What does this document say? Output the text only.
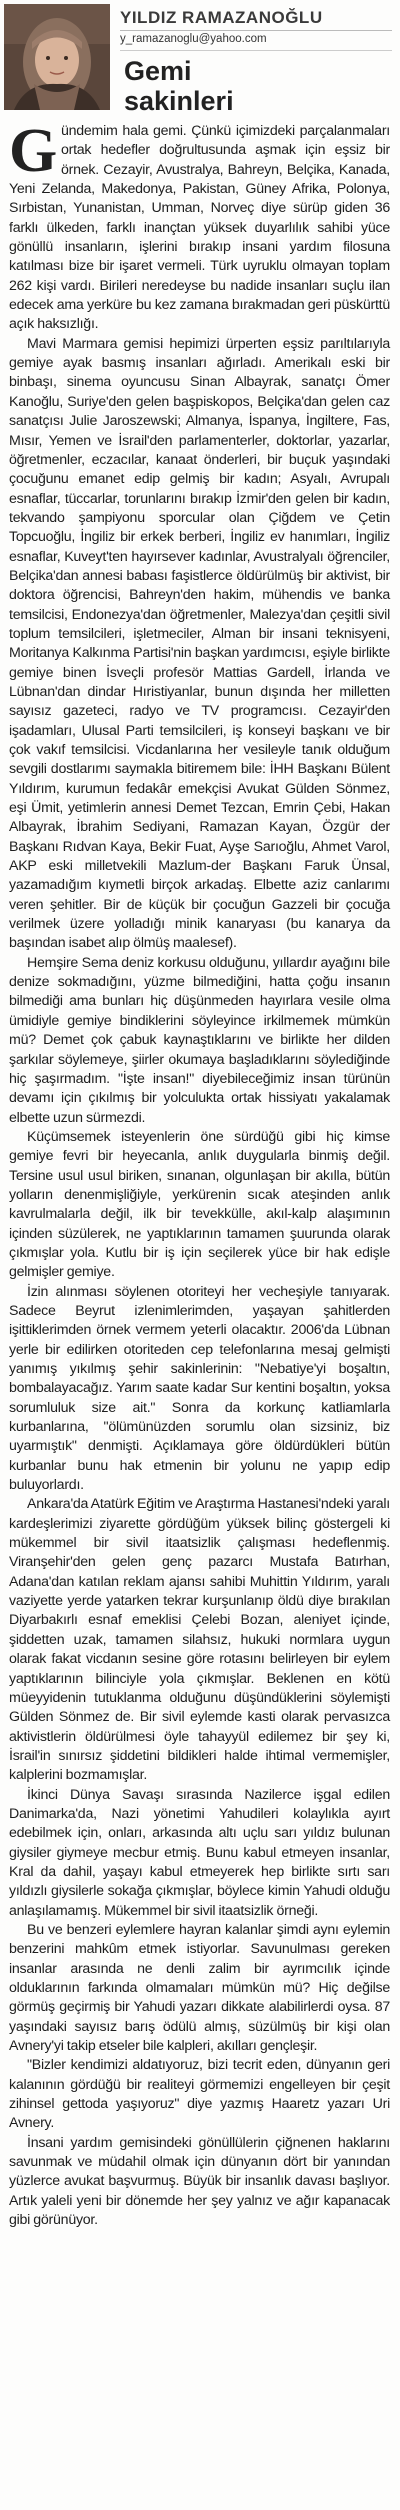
YILDIZ RAMAZANOĞLU
y_ramazanoglu@yahoo.com
Gemi
sakinleri

Gündemim hala gemi. Çünkü içimizdeki parçalanmaları ortak hedefler doğrultusunda aşmak için eşsiz bir örnek. Cezayir, Avustralya, Bahreyn, Belçika, Kanada, Yeni Zelanda, Makedonya, Pakistan, Güney Afrika, Polonya, Sırbistan, Yunanistan, Umman, Norveç diye sürüp giden 36 farklı ülkeden, farklı inançtan yüksek duyarlılık sahibi yüce gönüllü insanların, işlerini bırakıp insani yardım filosuna katılması bize bir işaret vermeli. Türk uyruklu olmayan toplam 262 kişi vardı. Birileri neredeyse bu nadide insanları suçlu ilan edecek ama yerküre bu kez zamana bırakmadan geri püskürttü açık haksızlığı.

Mavi Marmara gemisi hepimizi ürperten eşsiz parıltılarıyla gemiye ayak basmış insanları ağırladı. Amerikalı eski bir binbaşı, sinema oyuncusu Sinan Albayrak, sanatçı Ömer Kanoğlu, Suriye'den gelen başpiskopos, Belçika'dan gelen caz sanatçısı Julie Jaroszewski; Almanya, İspanya, İngiltere, Fas, Mısır, Yemen ve İsrail'den parlamenterler, doktorlar, yazarlar, öğretmenler, eczacılar, kanaat önderleri, bir buçuk yaşındaki çocuğunu emanet edip gelmiş bir kadın; Asyalı, Avrupalı esnaflar, tüccarlar, torunlarını bırakıp İzmir'den gelen bir kadın, tekvando şampiyonu sporcular olan Çiğdem ve Çetin Topcuoğlu, İngiliz bir erkek berberi, İngiliz ev hanımları, İngiliz esnaflar, Kuveyt'ten hayırsever kadınlar, Avustralyalı öğrenciler, Belçika'dan annesi babası faşistlerce öldürülmüş bir aktivist, bir doktora öğrencisi, Bahreyn'den hakim, mühendis ve banka temsilcisi, Endonezya'dan öğretmenler, Malezya'dan çeşitli sivil toplum temsilcileri, işletmeciler, Alman bir insani teknisyeni, Moritanya Kalkınma Partisi'nin başkan yardımcısı, eşiyle birlikte gemiye binen İsveçli profesör Mattias Gardell, İrlanda ve Lübnan'dan dindar Hıristiyanlar, bunun dışında her milletten sayısız gazeteci, radyo ve TV programcısı. Cezayir'den işadamları, Ulusal Parti temsilcileri, iş konseyi başkanı ve bir çok vakıf temsilcisi. Vicdanlarına her vesileyle tanık olduğum sevgili dostlarımı saymakla bitiremem bile: İHH Başkanı Bülent Yıldırım, kurumun fedakâr emekçisi Avukat Gülden Sönmez, eşi Ümit, yetimlerin annesi Demet Tezcan, Emrin Çebi, Hakan Albayrak, İbrahim Sediyani, Ramazan Kayan, Özgür der Başkanı Rıdvan Kaya, Bekir Fuat, Ayşe Sarıoğlu, Ahmet Varol, AKP eski milletvekili Mazlum-der Başkanı Faruk Ünsal, yazamadığım kıymetli birçok arkadaş. Elbette aziz canlarımı veren şehitler. Bir de küçük bir çocuğun Gazzeli bir çocuğa verilmek üzere yolladığı minik kanaryası (bu kanarya da başından isabet alıp ölmüş maalesef).

Hemşire Sema deniz korkusu olduğunu, yıllardır ayağını bile denize sokmadığını, yüzme bilmediğini, hatta çoğu insanın bilmediği ama bunları hiç düşünmeden hayırlara vesile olma ümidiyle gemiye bindiklerini söyleyince irkilmemek mümkün mü? Demet çok çabuk kaynaştıklarını ve birlikte her dilden şarkılar söylemeye, şiirler okumaya başladıklarını söylediğinde hiç şaşırmadım. "İşte insan!" diyebileceğimiz insan türünün devamı için çıkılmış bir yolculukta ortak hissiyatı yakalamak elbette uzun sürmezdi.

Küçümsemek isteyenlerin öne sürdüğü gibi hiç kimse gemiye fevri bir heyecanla, anlık duygularla binmiş değil. Tersine usul usul biriken, sınanan, olgunlaşan bir akılla, bütün yolların denenmişliğiyle, yerkürenin sıcak ateşinden anlık kavrulmalarla değil, ilk bir tevekkülle, akıl-kalp alaşımının içinden süzülerek, ne yaptıklarının tamamen şuurunda olarak çıkmışlar yola. Kutlu bir iş için seçilerek yüce bir hak edişle gelmişler gemiye.

İzin alınması söylenen otoriteyi her vecheşiyle tanıyarak. Sadece Beyrut izlenimlerimden, yaşayan şahitlerden işittiklerimden örnek vermem yeterli olacaktır. 2006'da Lübnan yerle bir edilirken otoriteden cep telefonlarına mesaj gelmişti yanımış yıkılmış şehir sakinlerinin: "Nebatiye'yi boşaltın, bombalayacağız. Yarım saate kadar Sur kentini boşaltın, yoksa sorumluluk size ait." Sonra da korkunç katliamlarla kurbanlarına, "ölümünüzden sorumlu olan sizsiniz, biz uyarmıştık" denmişti. Açıklamaya göre öldürdükleri bütün kurbanlar bunu hak etmenin bir yolunu ne yapıp edip buluyorlardı.

Ankara'da Atatürk Eğitim ve Araştırma Hastanesi'ndeki yaralı kardeşlerimizi ziyarette gördüğüm yüksek bilinç göstergeli ki mükemmel bir sivil itaatsizlik çalışması hedeflenmiş. Viranşehir'den gelen genç pazarcı Mustafa Batırhan, Adana'dan katılan reklam ajansı sahibi Muhittin Yıldırım, yaralı vaziyette yerde yatarken tekrar kurşunlanıp öldü diye bırakılan Diyarbakırlı esnaf emeklisi Çelebi Bozan, aleniyet içinde, şiddetten uzak, tamamen silahsız, hukuki normlara uygun olarak fakat vicdanın sesine göre rotasını belirleyen bir eylem yaptıklarının bilinciyle yola çıkmışlar. Beklenen en kötü müeyyidenin tutuklanma olduğunu düşündüklerini söylemişti Gülden Sönmez de. Bir sivil eylemde kasti olarak pervasızca aktivistlerin öldürülmesi öyle tahayyül edilemez bir şey ki, İsrail'in sınırsız şiddetini bildikleri halde ihtimal vermemişler, kalplerini bozmamışlar.

İkinci Dünya Savaşı sırasında Nazilerce işgal edilen Danimarka'da, Nazi yönetimi Yahudileri kolaylıkla ayırt edebilmek için, onları, arkasında altı uçlu sarı yıldız bulunan giysiler giymeye mecbur etmiş. Bunu kabul etmeyen insanlar, Kral da dahil, yaşayı kabul etmeyerek hep birlikte sırtı sarı yıldızlı giysilerle sokağa çıkmışlar, böylece kimin Yahudi olduğu anlaşılamamış. Mükemmel bir sivil itaatsizlik örneği.

Bu ve benzeri eylemlere hayran kalanlar şimdi aynı eylemin benzerini mahkûm etmek istiyorlar. Savunulması gereken insanlar arasında ne denli zalim bir ayrımcılık içinde olduklarının farkında olmamaları mümkün mü? Hiç değilse görmüş geçirmiş bir Yahudi yazarı dikkate alabilirlerdi oysa. 87 yaşındaki sayısız barış ödülü almış, süzülmüş bir kişi olan Avnery'yi takip etseler bile kalpleri, akılları gençleşir.

"Bizler kendimizi aldatıyoruz, bizi tecrit eden, dünyanın geri kalanının gördüğü bir realiteyi görmemizi engelleyen bir çeşit zihinsel gettoda yaşıyoruz" diye yazmış Haaretz yazarı Uri Avnery.

İnsani yardım gemisindeki gönüllülerin çiğnenen haklarını savunmak ve müdahil olmak için dünyanın dört bir yanından yüzlerce avukat başvurmuş. Büyük bir insanlık davası başlıyor. Artık yaleli yeni bir dönemde her şey yalnız ve ağır kapanacak gibi görünüyor.
